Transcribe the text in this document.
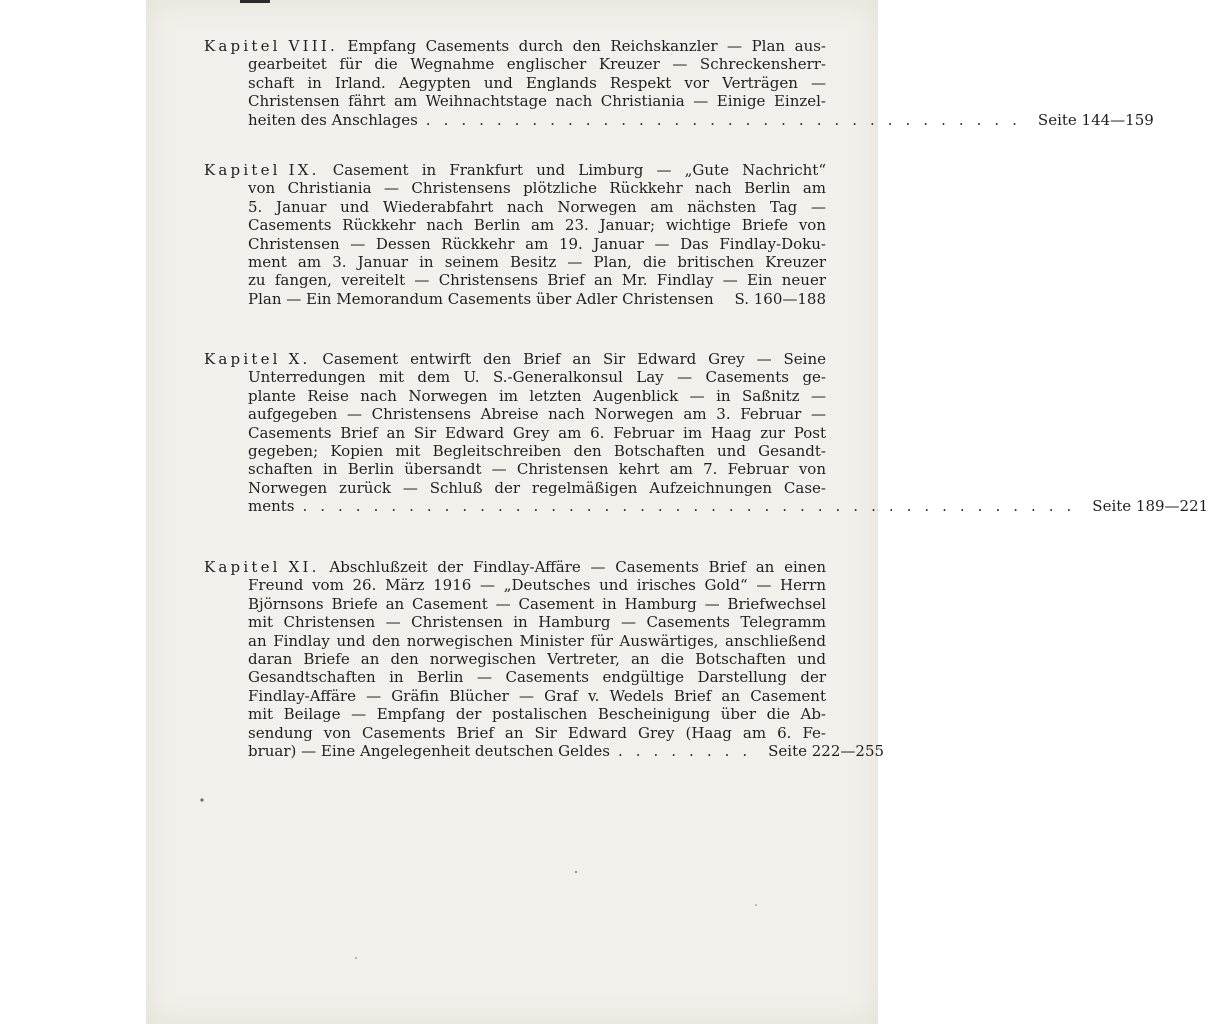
Kapitel VIII. Empfang Casements durch den Reichskanzler — Plan aus-
gearbeitet für die Wegnahme englischer Kreuzer — Schreckensherr-
schaft in Irland. Aegypten und Englands Respekt vor Verträgen —
Christensen fährt am Weihnachtstage nach Christiania — Einige Einzel-
heiten des Anschlages .................................. Seite 144—159
Kapitel IX. Casement in Frankfurt und Limburg — „Gute Nachricht“
von Christiania — Christensens plötzliche Rückkehr nach Berlin am
5. Januar und Wiederabfahrt nach Norwegen am nächsten Tag —
Casements Rückkehr nach Berlin am 23. Januar; wichtige Briefe von
Christensen — Dessen Rückkehr am 19. Januar — Das Findlay-Doku-
ment am 3. Januar in seinem Besitz — Plan, die britischen Kreuzer
zu fangen, vereitelt — Christensens Brief an Mr. Findlay — Ein neuer
Plan — Ein Memorandum Casements über Adler Christensen S. 160—188
Kapitel X. Casement entwirft den Brief an Sir Edward Grey — Seine
Unterredungen mit dem U. S.-Generalkonsul Lay — Casements ge-
plante Reise nach Norwegen im letzten Augenblick — in Saßnitz —
aufgegeben — Christensens Abreise nach Norwegen am 3. Februar —
Casements Brief an Sir Edward Grey am 6. Februar im Haag zur Post
gegeben; Kopien mit Begleitschreiben den Botschaften und Gesandt-
schaften in Berlin übersandt — Christensen kehrt am 7. Februar von
Norwegen zurück — Schluß der regelmäßigen Aufzeichnungen Case-
ments ............................................ Seite 189—221
Kapitel XI. Abschlußzeit der Findlay-Affäre — Casements Brief an einen
Freund vom 26. März 1916 — „Deutsches und irisches Gold“ — Herrn
Björnsons Briefe an Casement — Casement in Hamburg — Briefwechsel
mit Christensen — Christensen in Hamburg — Casements Telegramm
an Findlay und den norwegischen Minister für Auswärtiges, anschließend
daran Briefe an den norwegischen Vertreter, an die Botschaften und
Gesandtschaften in Berlin — Casements endgültige Darstellung der
Findlay-Affäre — Gräfin Blücher — Graf v. Wedels Brief an Casement
mit Beilage — Empfang der postalischen Bescheinigung über die Ab-
sendung von Casements Brief an Sir Edward Grey (Haag am 6. Fe-
bruar) — Eine Angelegenheit deutschen Geldes ........ Seite 222—255
